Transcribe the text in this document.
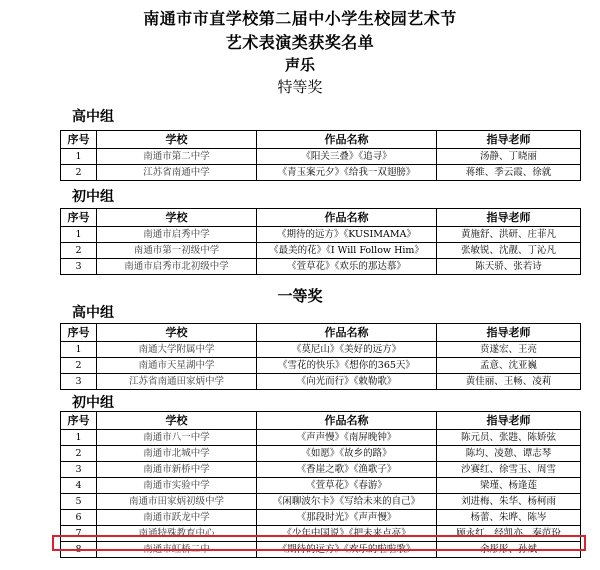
南通市市直学校第二届中小学生校园艺术节
艺术表演类获奖名单
声乐
特等奖
高中组
序号	学校	作品名称	指导老师
1	南通市第二中学	《阳关三叠》《追寻》	汤静、丁晓丽
2	江苏省南通中学	《青玉案元夕》《给我一双翅膀》	蒋维、季云霞、徐就
初中组
序号	学校	作品名称	指导老师
1	南通市启秀中学	《期待的远方》《KUSIMAMA》	黄施舒、洪研、庄菲凡
2	南通市第一初级中学	《最美的花》《I Will Follow Him》	张敏锐、沈靓、丁沁凡
3	南通市启秀市北初级中学	《萱草花》《欢乐的那达慕》	陈天骄、张若诗
一等奖
高中组
序号	学校	作品名称	指导老师
1	南通大学附属中学	《莫尼山》《美好的远方》	贲遂宏、王亮
2	南通市天星湖中学	《雪花的快乐》《想你的365天》	孟意、沈亚巍
3	江苏省南通田家炳中学	《向光而行》《敕勒歌》	黄佳丽、王畅、凌莉
初中组
序号	学校	作品名称	指导老师
1	南通市八一中学	《声声慢》《南屏晚钟》	陈元员、张韪、陈娇弦
2	南通市北城中学	《如愿》《故乡的路》	陈均、凌憩、谭志琴
3	南通市新桥中学	《香崖之歌》《渔歌子》	沙赛红、徐雪玉、周雪
4	南通市实验中学	《萱草花》《春游》	梁瑾、杨逢莲
5	南通市田家炳初级中学	《闲聊波尔卡》《写给未来的自己》	刘进梅、朱华、杨柯雨
6	南通市跃龙中学	《那段时光》《声声慢》	杨蕾、朱晔、陈岑
7	南通特殊教育中心	《少年中国说》《把未来点亮》	顾永红、经凯亦、秦范玢
8	南通市虹桥二中	《期待的远方》《欢乐的啦啦歌》	余彤彤、孙斌
